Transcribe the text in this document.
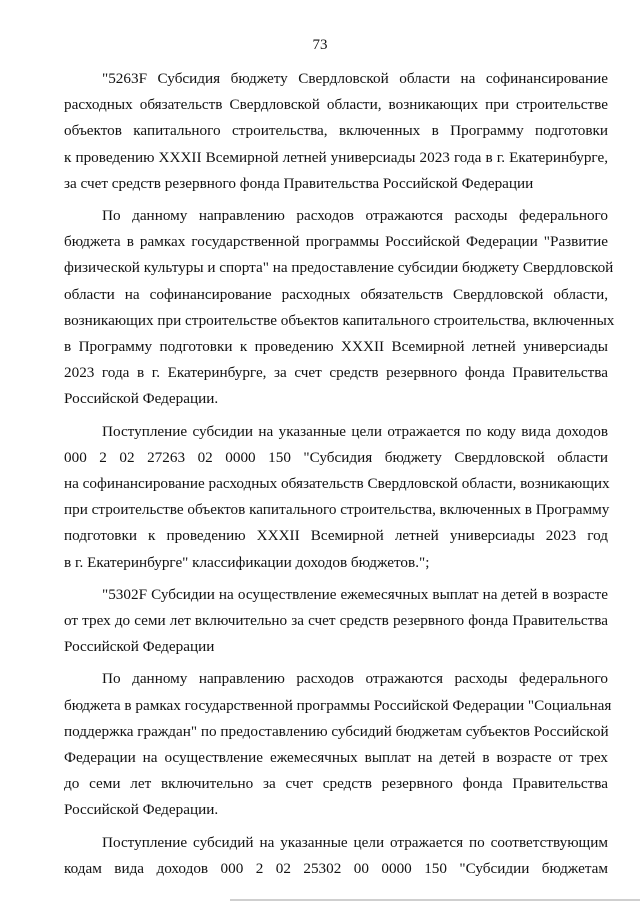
73
"5263F Субсидия бюджету Свердловской области на софинансирование
расходных обязательств Свердловской области, возникающих при строительстве
объектов капитального строительства, включенных в Программу подготовки
к проведению XXXII Всемирной летней универсиады 2023 года в г. Екатеринбурге,
за счет средств резервного фонда Правительства Российской Федерации
По данному направлению расходов отражаются расходы федерального
бюджета в рамках государственной программы Российской Федерации "Развитие
физической культуры и спорта" на предоставление субсидии бюджету Свердловской
области на софинансирование расходных обязательств Свердловской области,
возникающих при строительстве объектов капитального строительства, включенных
в Программу подготовки к проведению XXXII Всемирной летней универсиады
2023 года в г. Екатеринбурге, за счет средств резервного фонда Правительства
Российской Федерации.
Поступление субсидии на указанные цели отражается по коду вида доходов
000 2 02 27263 02 0000 150 "Субсидия бюджету Свердловской области
на софинансирование расходных обязательств Свердловской области, возникающих
при строительстве объектов капитального строительства, включенных в Программу
подготовки к проведению XXXII Всемирной летней универсиады 2023 год
в г. Екатеринбурге" классификации доходов бюджетов.";
"5302F Субсидии на осуществление ежемесячных выплат на детей в возрасте
от трех до семи лет включительно за счет средств резервного фонда Правительства
Российской Федерации
По данному направлению расходов отражаются расходы федерального
бюджета в рамках государственной программы Российской Федерации "Социальная
поддержка граждан" по предоставлению субсидий бюджетам субъектов Российской
Федерации на осуществление ежемесячных выплат на детей в возрасте от трех
до семи лет включительно за счет средств резервного фонда Правительства
Российской Федерации.
Поступление субсидий на указанные цели отражается по соответствующим
кодам вида доходов 000 2 02 25302 00 0000 150 "Субсидии бюджетам
